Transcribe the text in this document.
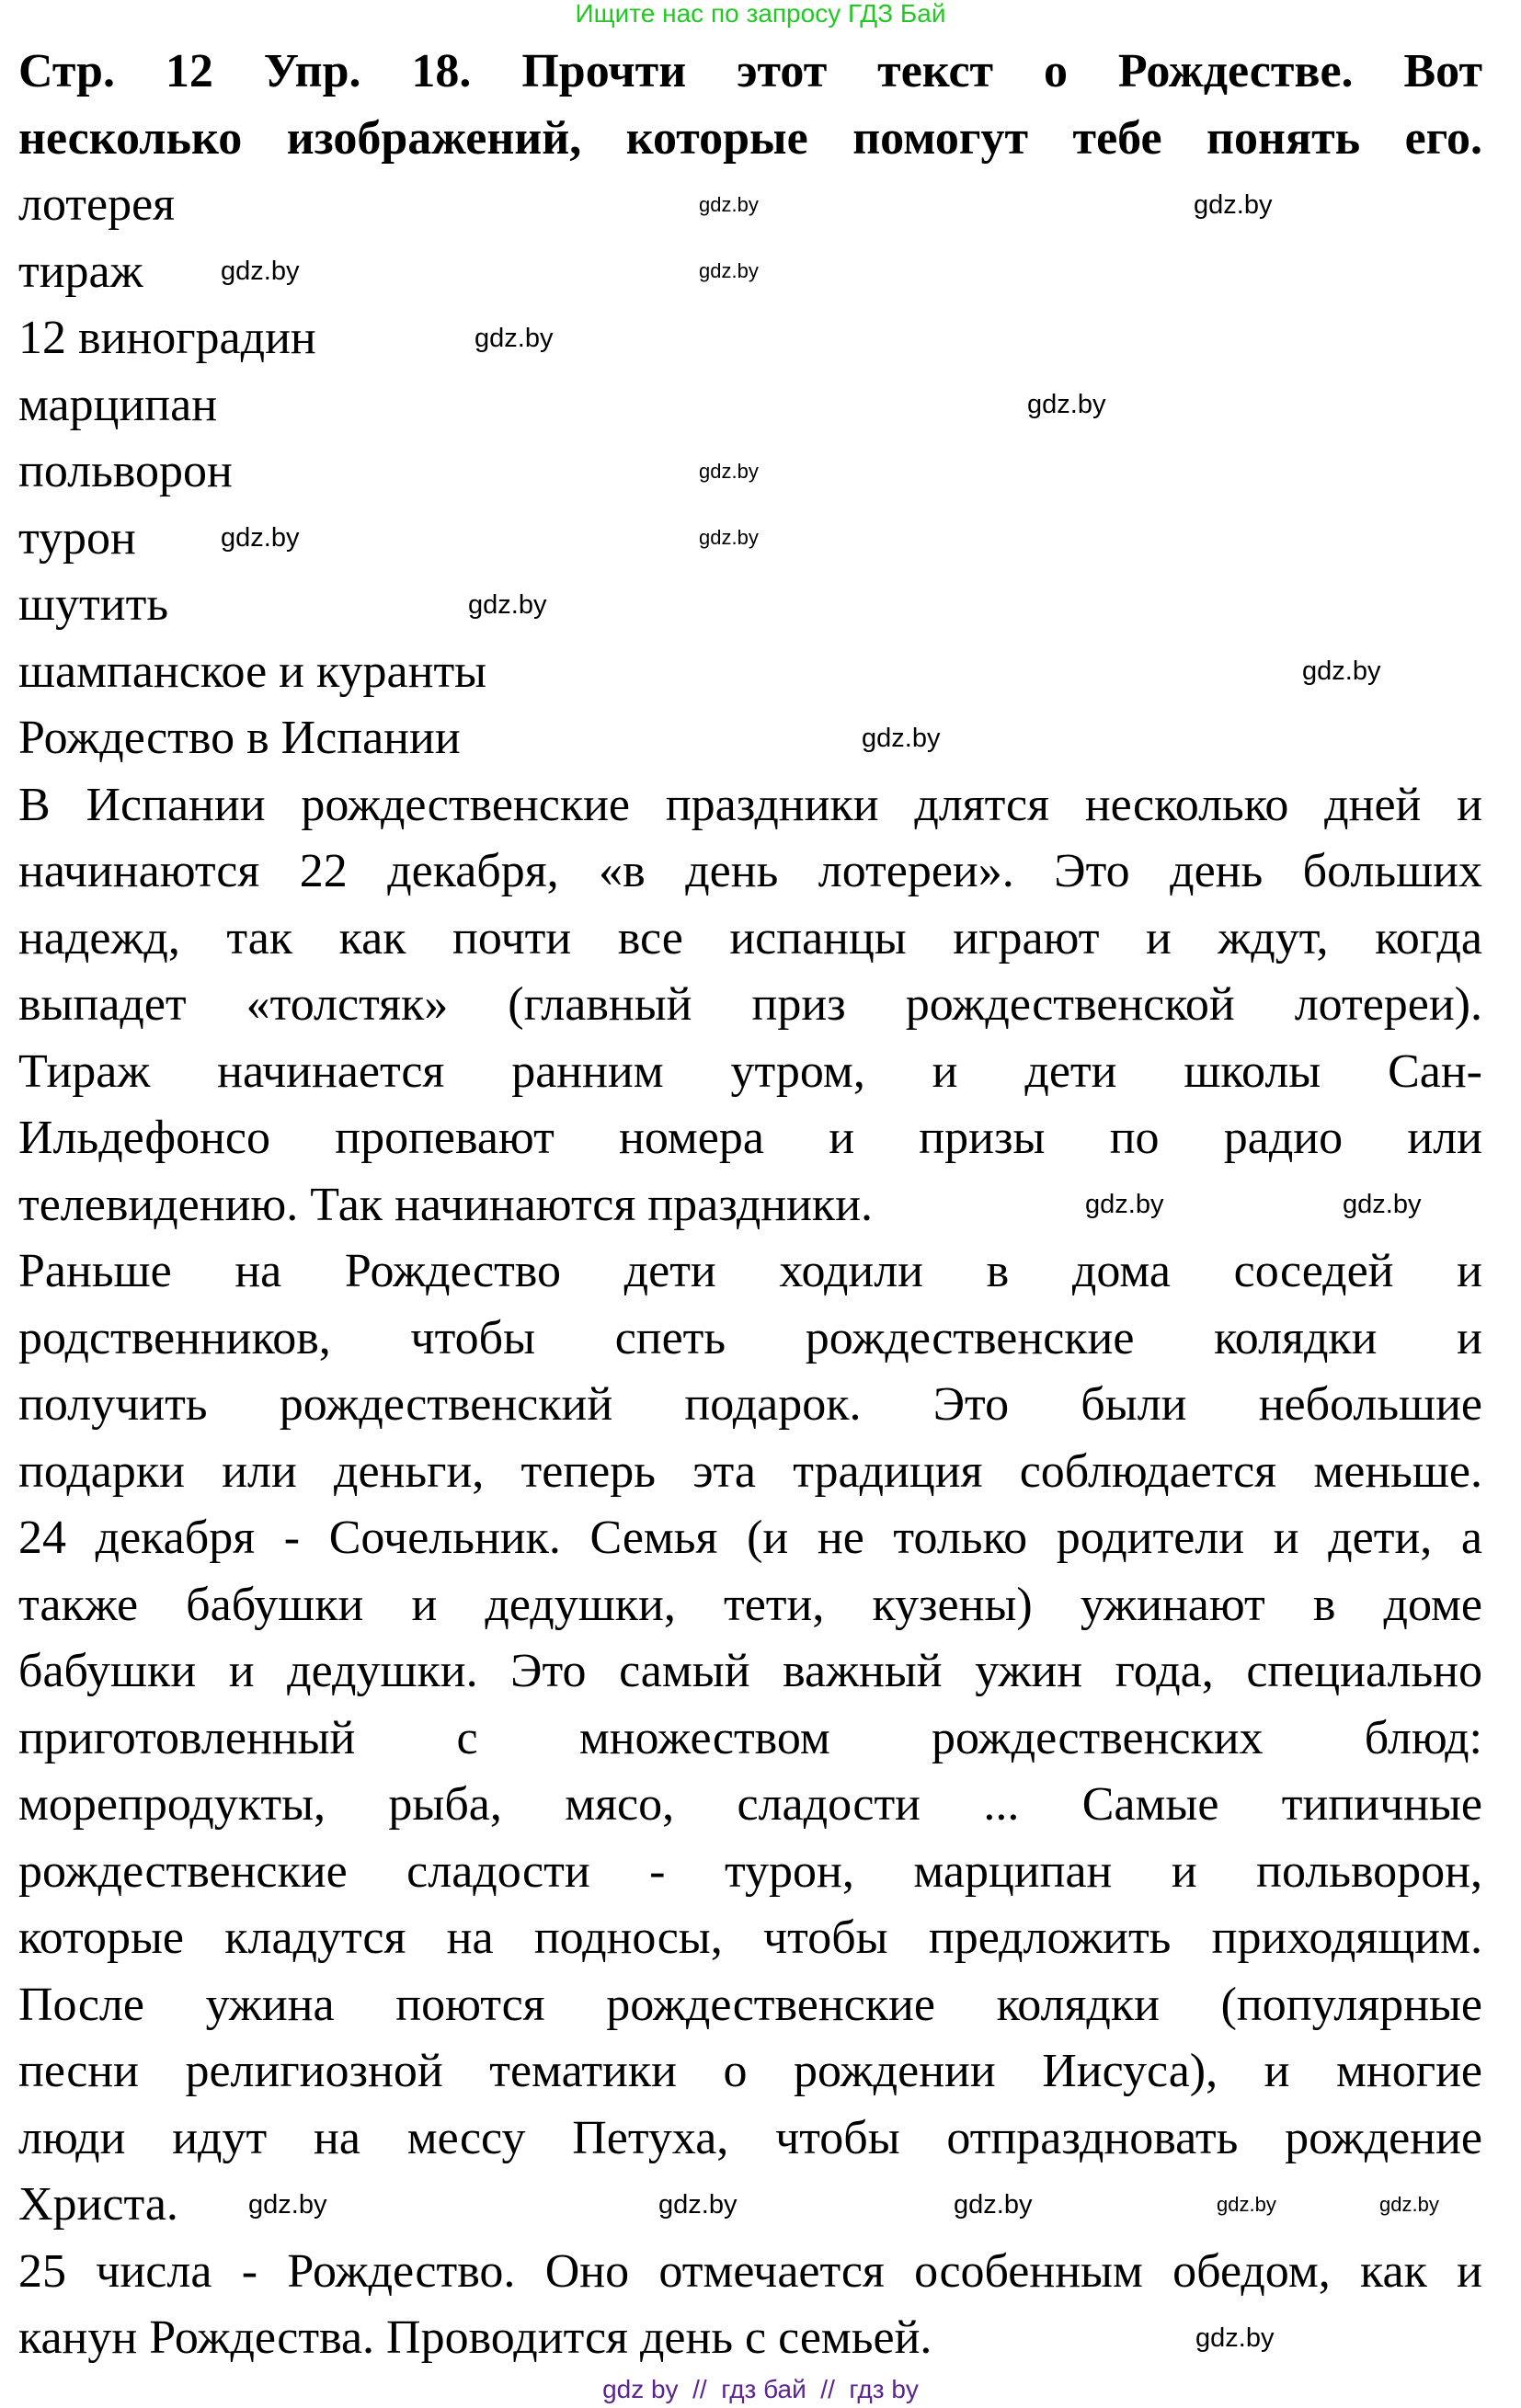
Ищите нас по запросу ГДЗ Бай
Стр. 12 Упр. 18. Прочти этот текст о Рождестве. Вот
несколько изображений, которые помогут тебе понять его.
лотерея
тираж
12 виноградин
марципан
польворон
турон
шутить
шампанское и куранты
Рождество в Испании
В Испании рождественские праздники длятся несколько дней и
начинаются 22 декабря, «в день лотереи». Это день больших
надежд, так как почти все испанцы играют и ждут, когда
выпадет «толстяк» (главный приз рождественской лотереи).
Тираж начинается ранним утром, и дети школы Сан-
Ильдефонсо пропевают номера и призы по радио или
телевидению. Так начинаются праздники.
Раньше на Рождество дети ходили в дома соседей и
родственников, чтобы спеть рождественские колядки и
получить рождественский подарок. Это были небольшие
подарки или деньги, теперь эта традиция соблюдается меньше.
24 декабря - Сочельник. Семья (и не только родители и дети, а
также бабушки и дедушки, тети, кузены) ужинают в доме
бабушки и дедушки. Это самый важный ужин года, специально
приготовленный с множеством рождественских блюд:
морепродукты, рыба, мясо, сладости ... Самые типичные
рождественские сладости - турон, марципан и польворон,
которые кладутся на подносы, чтобы предложить приходящим.
После ужина поются рождественские колядки (популярные
песни религиозной тематики о рождении Иисуса), и многие
люди идут на мессу Петуха, чтобы отпраздновать рождение
Христа.
25 числа - Рождество. Оно отмечается особенным обедом, как и
канун Рождества. Проводится день с семьей.
gdz.by
gdz.by
gdz.by
gdz.by
gdz.by
gdz.by
gdz.by
gdz.by
gdz.by
gdz.by
gdz.by	gdz.by
gdz.by
gdz.by
gdz.by	gdz.by	gdz.by
gdz.by	gdz.by
gdz.by
gdz by  //  гдз бай  //  гдз by
